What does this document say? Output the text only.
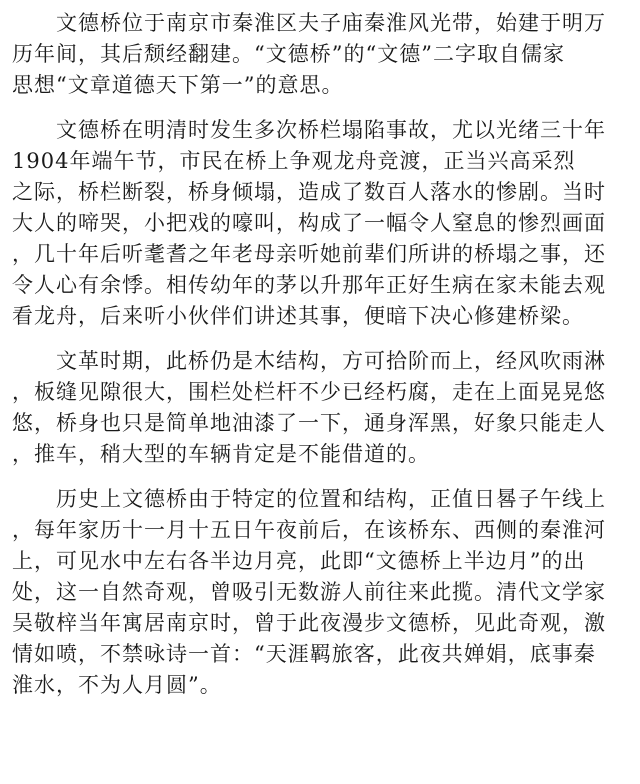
　　文德桥位于南京市秦淮区夫子庙秦淮风光带，始建于明万
历年间，其后颓经翻建。“文德桥”的“文德”二字取自儒家
思想“文章道德天下第一”的意思。
　　文德桥在明清时发生多次桥栏塌陷事故，尤以光绪三十年
1904年端午节，市民在桥上争观龙舟竞渡，正当兴高采烈
之际，桥栏断裂，桥身倾塌，造成了数百人落水的惨剧。当时
大人的啼哭，小把戏的嚎叫，构成了一幅令人窒息的惨烈画面
，几十年后听耄耆之年老母亲听她前辈们所讲的桥塌之事，还
令人心有余悸。相传幼年的茅以升那年正好生病在家未能去观
看龙舟，后来听小伙伴们讲述其事，便暗下决心修建桥梁。
　　文革时期，此桥仍是木结构，方可拾阶而上，经风吹雨淋
，板缝见隙很大，围栏处栏杆不少已经朽腐，走在上面晃晃悠
悠，桥身也只是简单地油漆了一下，通身浑黑，好象只能走人
，推车，稍大型的车辆肯定是不能借道的。
　　历史上文德桥由于特定的位置和结构，正值日晷子午线上
，每年家历十一月十五日午夜前后，在该桥东、西侧的秦淮河
上，可见水中左右各半边月亮，此即“文德桥上半边月”的出
处，这一自然奇观，曾吸引无数游人前往来此揽。清代文学家
吴敬梓当年寓居南京时，曾于此夜漫步文德桥，见此奇观，激
情如喷，不禁咏诗一首：“天涯羁旅客，此夜共婵娟，底事秦
淮水，不为人月圆”。
